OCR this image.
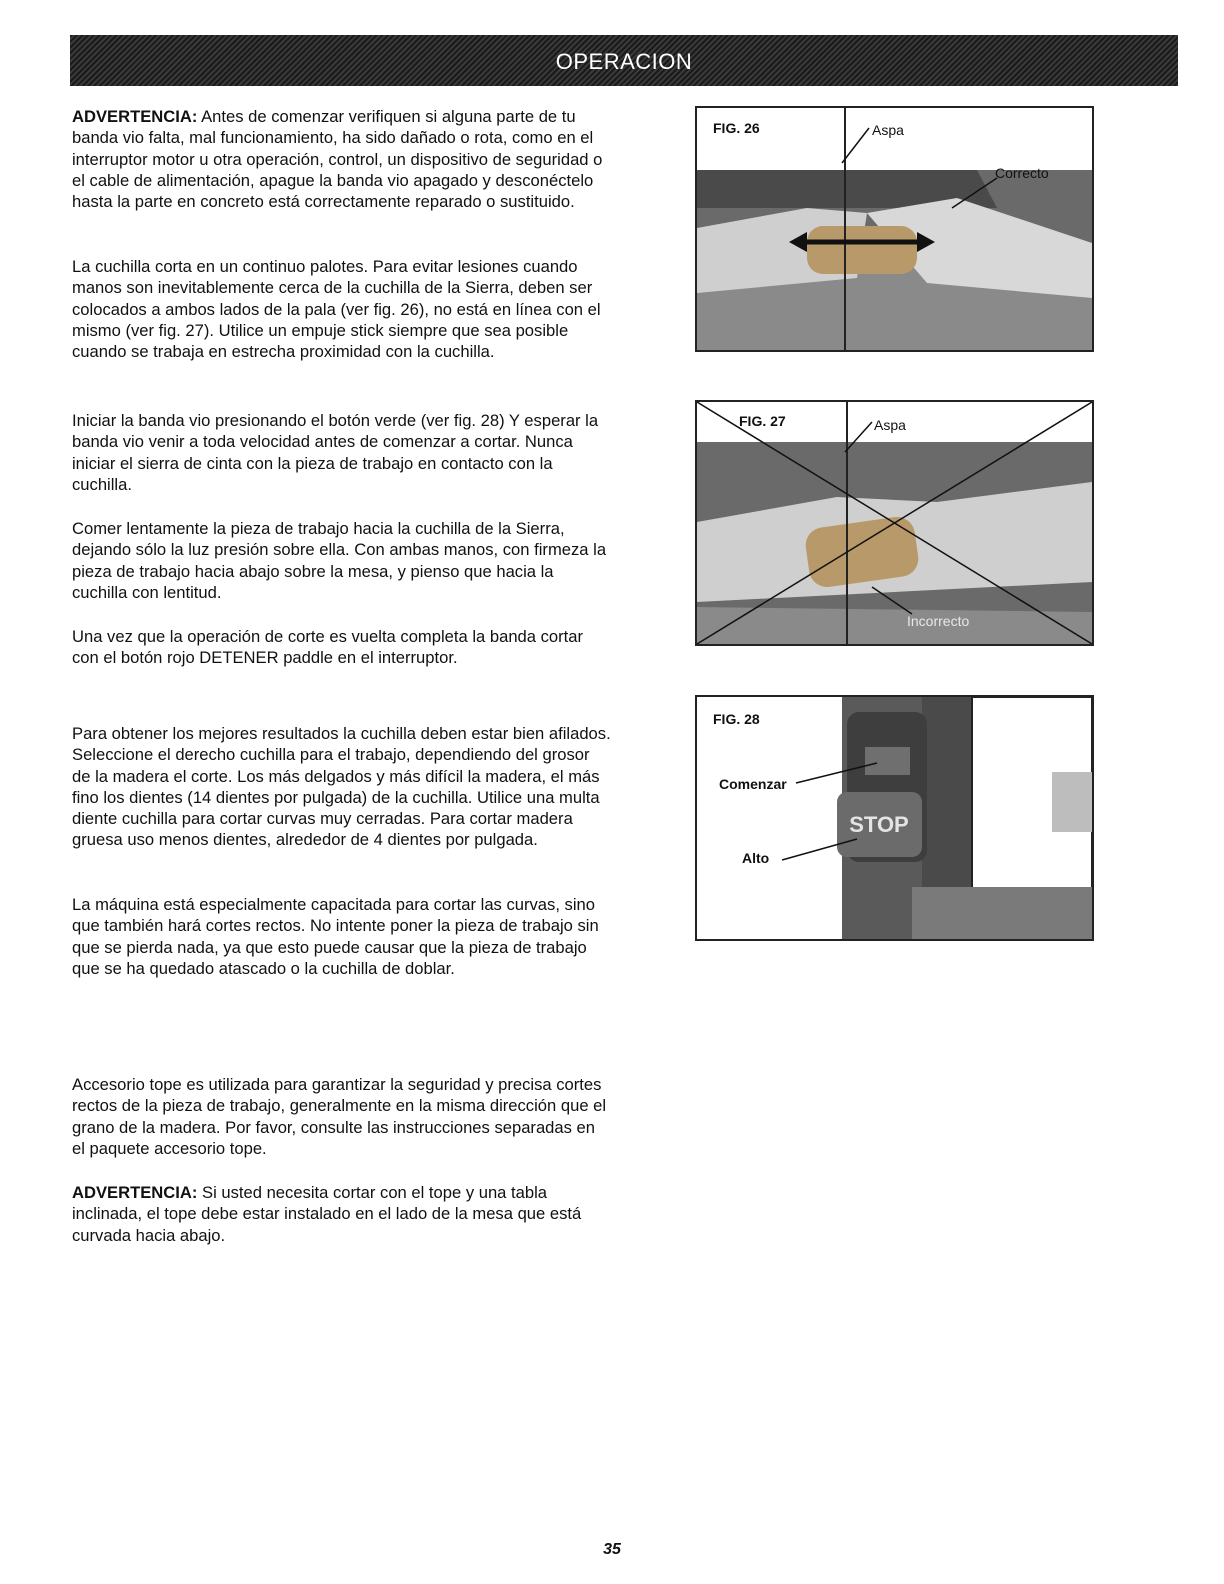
OPERACION

ADVERTENCIA: Antes de comenzar verifiquen si alguna parte de tu banda vio falta, mal funcionamiento, ha sido dañado o rota, como en el interruptor motor u otra operación, control, un dispositivo de seguridad o el cable de alimentación, apague la banda vio apagado y desconéctelo hasta la parte en concreto está correctamente reparado o sustituido.

La cuchilla corta en un continuo palotes. Para evitar lesiones cuando manos son inevitablemente cerca de la cuchilla de la Sierra, deben ser colocados a ambos lados de la pala (ver fig. 26), no está en línea con el mismo (ver fig. 27). Utilice un empuje stick siempre que sea posible cuando se trabaja en estrecha proximidad con la cuchilla.

Iniciar la banda vio presionando el botón verde (ver fig. 28) Y esperar la banda vio venir a toda velocidad antes de comenzar a cortar. Nunca iniciar el sierra de cinta con la pieza de trabajo en contacto con la cuchilla.

Comer lentamente la pieza de trabajo hacia la cuchilla de la Sierra, dejando sólo la luz presión sobre ella. Con ambas manos, con firmeza la pieza de trabajo hacia abajo sobre la mesa, y pienso que hacia la cuchilla con lentitud.

Una vez que la operación de corte es vuelta completa la banda cortar con el botón rojo DETENER paddle en el interruptor.

Para obtener los mejores resultados la cuchilla deben estar bien afilados. Seleccione el derecho cuchilla para el trabajo, dependiendo del grosor de la madera el corte. Los más delgados y más difícil la madera, el más fino los dientes (14 dientes por pulgada) de la cuchilla. Utilice una multa diente cuchilla para cortar curvas muy cerradas. Para cortar madera gruesa uso menos dientes, alrededor de 4 dientes por pulgada.

La máquina está especialmente capacitada para cortar las curvas, sino que también hará cortes rectos. No intente poner la pieza de trabajo sin que se pierda nada, ya que esto puede causar que la pieza de trabajo que se ha quedado atascado o la cuchilla de doblar.

Accesorio tope es utilizada para garantizar la seguridad y precisa cortes rectos de la pieza de trabajo, generalmente en la misma dirección que el grano de la madera. Por favor, consulte las instrucciones separadas en el paquete accesorio tope.

ADVERTENCIA: Si usted necesita cortar con el tope y una tabla inclinada, el tope debe estar instalado en el lado de la mesa que está curvada hacia abajo.

FIG. 26	Aspa
Correcto
FIG. 27	Aspa
Incorrecto
STOP
FIG. 28
Comenzar
Alto
35
